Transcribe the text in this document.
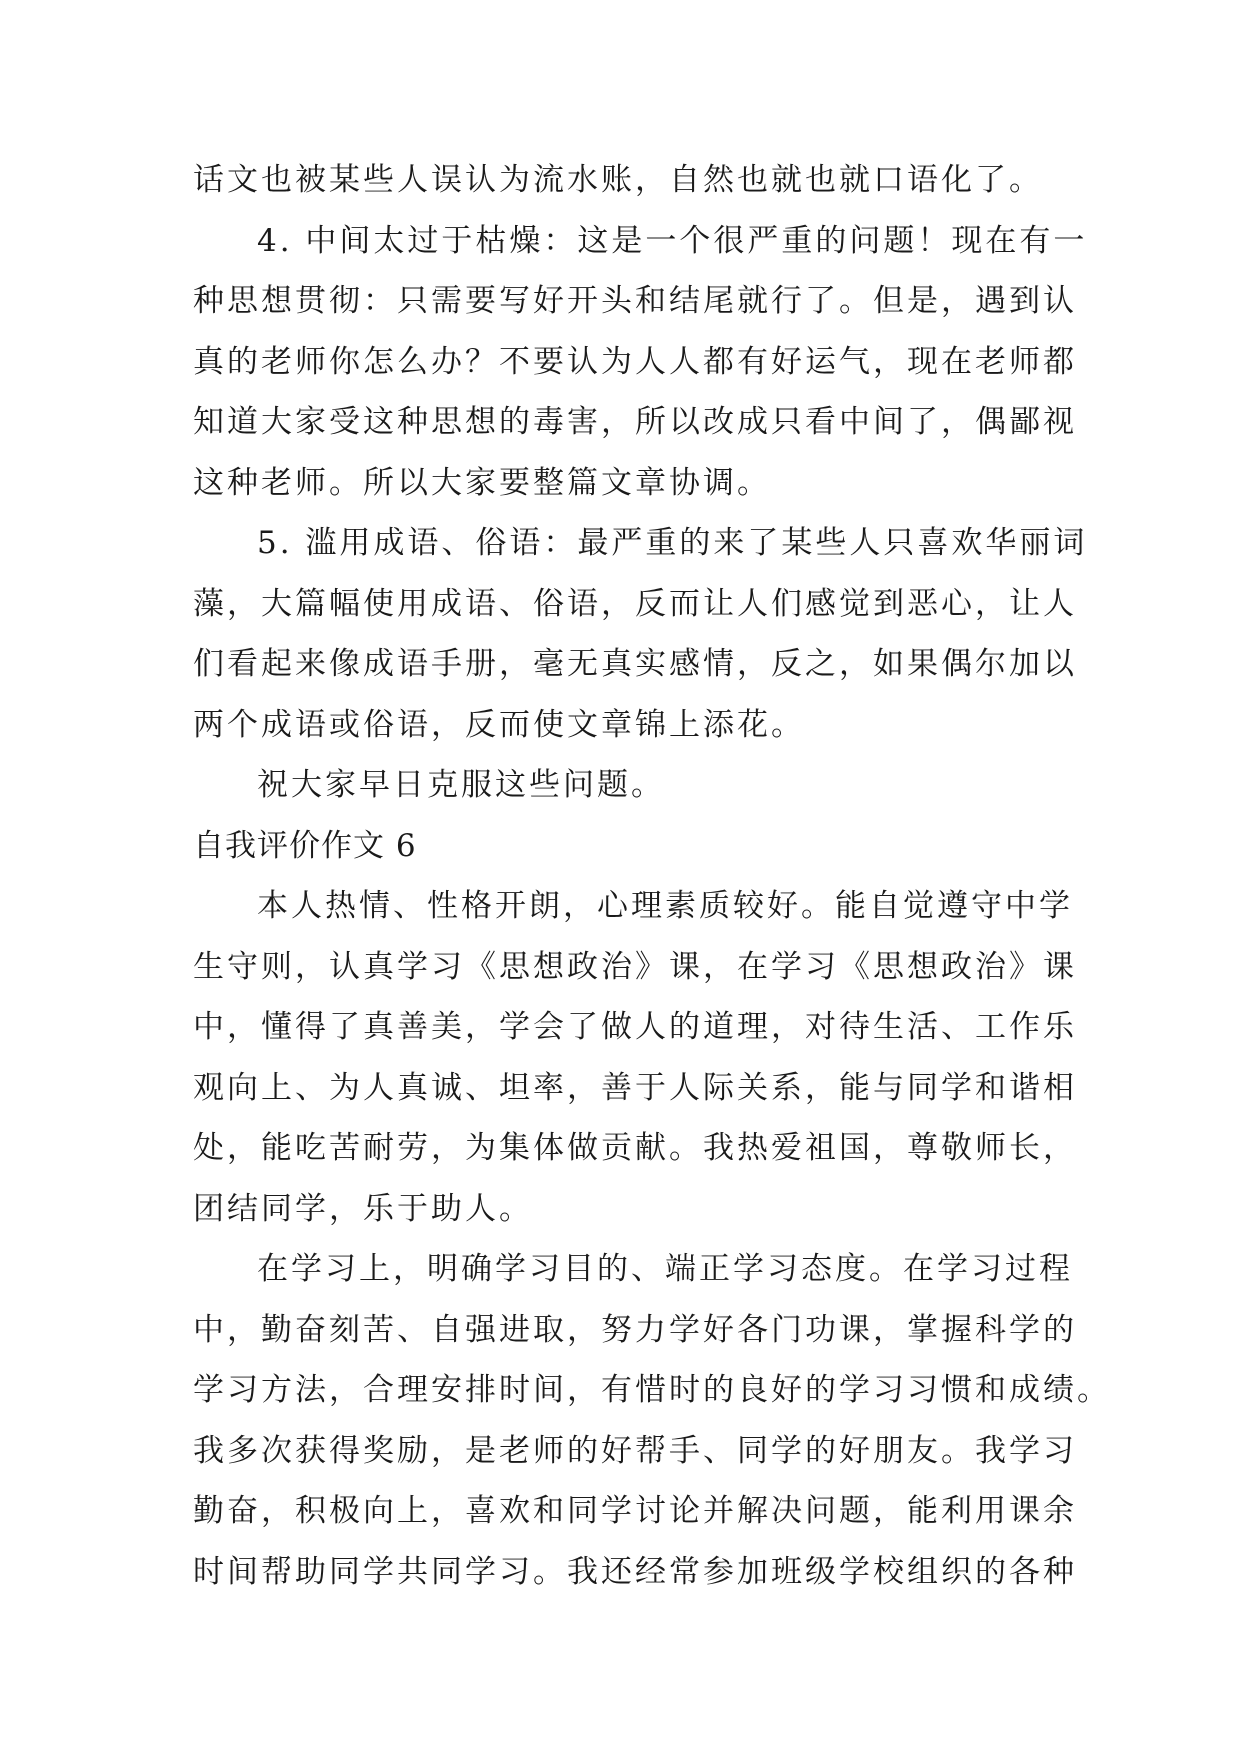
话文也被某些人误认为流水账，自然也就也就口语化了。
4. 中间太过于枯燥：这是一个很严重的问题！现在有一
种思想贯彻：只需要写好开头和结尾就行了。但是，遇到认
真的老师你怎么办？不要认为人人都有好运气，现在老师都
知道大家受这种思想的毒害，所以改成只看中间了，偶鄙视
这种老师。所以大家要整篇文章协调。
5. 滥用成语、俗语：最严重的来了某些人只喜欢华丽词
藻，大篇幅使用成语、俗语，反而让人们感觉到恶心，让人
们看起来像成语手册，毫无真实感情，反之，如果偶尔加以
两个成语或俗语，反而使文章锦上添花。
祝大家早日克服这些问题。
自我评价作文 6
本人热情、性格开朗，心理素质较好。能自觉遵守中学
生守则，认真学习《思想政治》课，在学习《思想政治》课
中，懂得了真善美，学会了做人的道理，对待生活、工作乐
观向上、为人真诚、坦率，善于人际关系，能与同学和谐相
处，能吃苦耐劳，为集体做贡献。我热爱祖国，尊敬师长，
团结同学，乐于助人。
在学习上，明确学习目的、端正学习态度。在学习过程
中，勤奋刻苦、自强进取，努力学好各门功课，掌握科学的
学习方法，合理安排时间，有惜时的良好的学习习惯和成绩。
我多次获得奖励，是老师的好帮手、同学的好朋友。我学习
勤奋，积极向上，喜欢和同学讨论并解决问题，能利用课余
时间帮助同学共同学习。我还经常参加班级学校组织的各种
